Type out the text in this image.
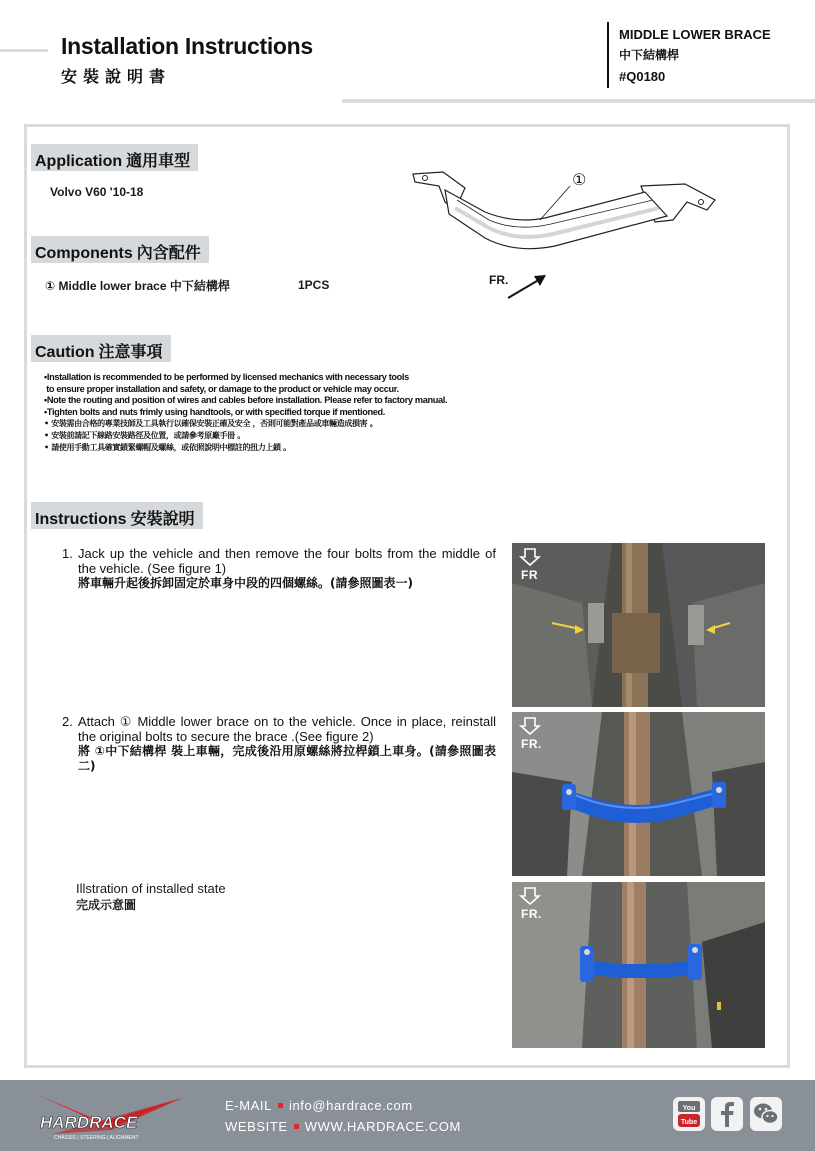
Installation Instructions
安裝說明書
MIDDLE LOWER BRACE
中下結構桿
#Q0180
Application 適用車型
Volvo V60 '10-18
Components 內含配件
① Middle lower brace 中下結構桿	1PCS
①
FR.
Caution 注意事項
•Installation is recommended to be performed by licensed mechanics with necessary tools
to ensure proper installation and safety, or damage to the product or vehicle may occur.
•Note the routing and position of wires and cables before installation. Please refer to factory manual.
•Tighten bolts and nuts frimly using handtools, or with specified torque if mentioned.
• 安裝需由合格的專業技師及工具執行以確保安裝正確及安全 ，否則可能對產品或車輛造成損害 。
• 安裝前請記下線路安裝路徑及位置，或請參考原廠手冊 。
• 請使用手動工具確實鎖緊螺帽及螺絲，或依照說明中標註的扭力上鎖 。
Instructions 安裝說明
1. Jack up the vehicle and then remove the four bolts from the middle of the vehicle. (See figure 1)
將車輛升起後拆卸固定於車身中段的四個螺絲。(請參照圖表一)
2. Attach ① Middle lower brace on to the vehicle. Once in place, reinstall the original bolts to secure the brace .(See figure 2)
將 ①中下結構桿 裝上車輛，完成後沿用原螺絲將拉桿鎖上車身。(請參照圖表二)
Illstration of installed state
完成示意圖
FR
FR.
FR.
HARDRACE
CHASSIS | STEERING | ALIGNMENT
E-MAIL info@hardrace.com
WEBSITE WWW.HARDRACE.COM
You
Tube
